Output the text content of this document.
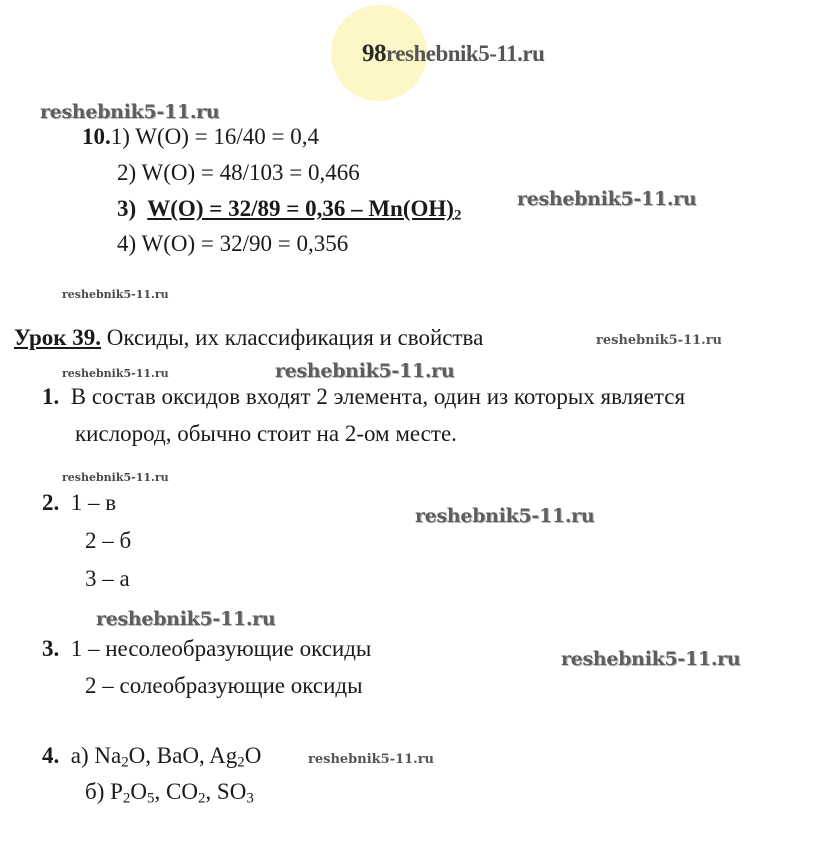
98reshebnik5-11.ru
reshebnik5-11.ru
10.1) W(O) = 16/40 = 0,4
2) W(O) = 48/103 = 0,466
3) $W(O) = 32/89 = 0,36 - Mn(OH)_2$
reshebnik5-11.ru
4) W(O) = 32/90 = 0,356
reshebnik5-11.ru
Урок 39. Оксиды, их классификация и свойства	reshebnik5-11.ru
reshebnik5-11.ru	reshebnik5-11.ru
1. В состав оксидов входят 2 элемента, один из которых является
кислород, обычно стоит на 2-ом месте.
reshebnik5-11.ru
2. 1 – в
reshebnik5-11.ru
2 – б
3 – а
reshebnik5-11.ru
3. 1 – несолеобразующие оксиды	reshebnik5-11.ru
2 – солеобразующие оксиды
4. а) $Na_2O$, BaO, $Ag_2O$	reshebnik5-11.ru
б) $P_2O_5$, $CO_2$, $SO_3$
